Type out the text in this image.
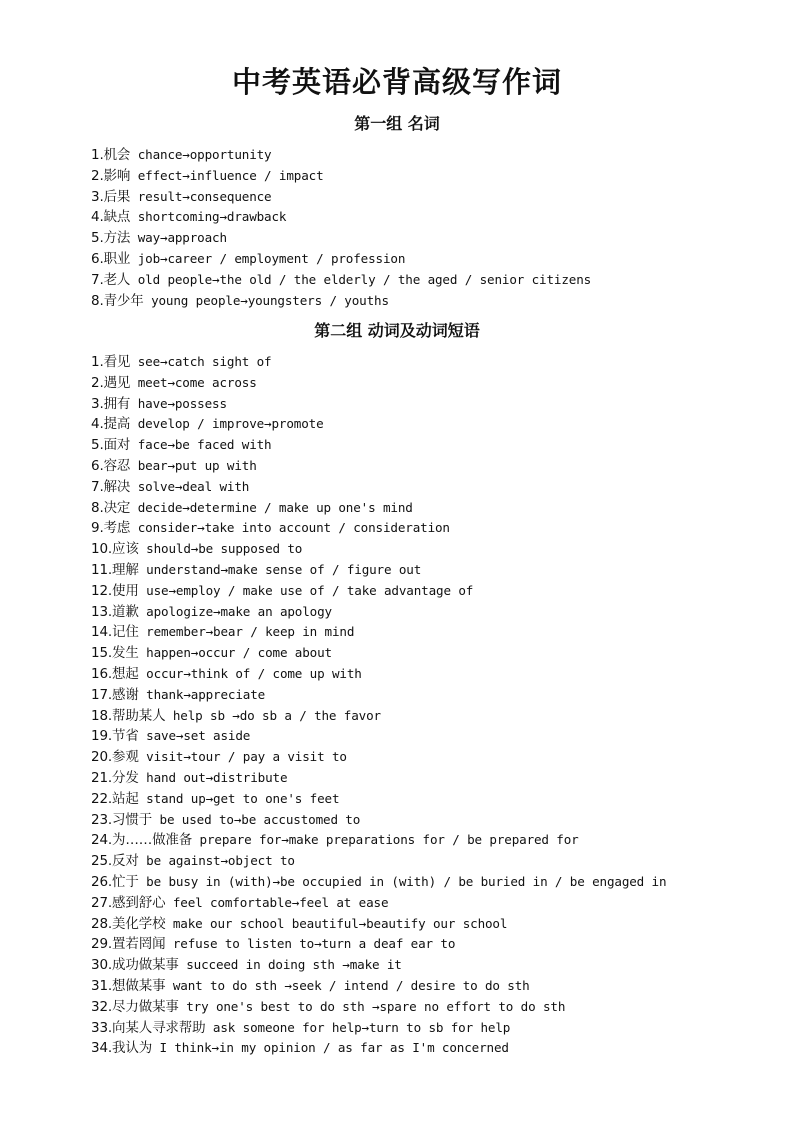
中考英语必背高级写作词
第一组 名词
1.机会 chance→opportunity
2.影响 effect→influence / impact
3.后果 result→consequence
4.缺点 shortcoming→drawback
5.方法 way→approach
6.职业 job→career / employment / profession
7.老人 old people→the old / the elderly / the aged / senior citizens
8.青少年 young people→youngsters / youths
第二组 动词及动词短语
1.看见 see→catch sight of
2.遇见 meet→come across
3.拥有 have→possess
4.提高 develop / improve→promote
5.面对 face→be faced with
6.容忍 bear→put up with
7.解决 solve→deal with
8.决定 decide→determine / make up one's mind
9.考虑 consider→take into account / consideration
10.应该 should→be supposed to
11.理解 understand→make sense of / figure out
12.使用 use→employ / make use of / take advantage of
13.道歉 apologize→make an apology
14.记住 remember→bear / keep in mind
15.发生 happen→occur / come about
16.想起 occur→think of / come up with
17.感谢 thank→appreciate
18.帮助某人 help sb →do sb a / the favor
19.节省 save→set aside
20.参观 visit→tour / pay a visit to
21.分发 hand out→distribute
22.站起 stand up→get to one's feet
23.习惯于 be used to→be accustomed to
24.为……做准备 prepare for→make preparations for / be prepared for
25.反对 be against→object to
26.忙于 be busy in (with)→be occupied in (with) / be buried in / be engaged in
27.感到舒心 feel comfortable→feel at ease
28.美化学校 make our school beautiful→beautify our school
29.置若罔闻 refuse to listen to→turn a deaf ear to
30.成功做某事 succeed in doing sth →make it
31.想做某事 want to do sth →seek / intend / desire to do sth
32.尽力做某事 try one's best to do sth →spare no effort to do sth
33.向某人寻求帮助 ask someone for help→turn to sb for help
34.我认为 I think→in my opinion / as far as I'm concerned
